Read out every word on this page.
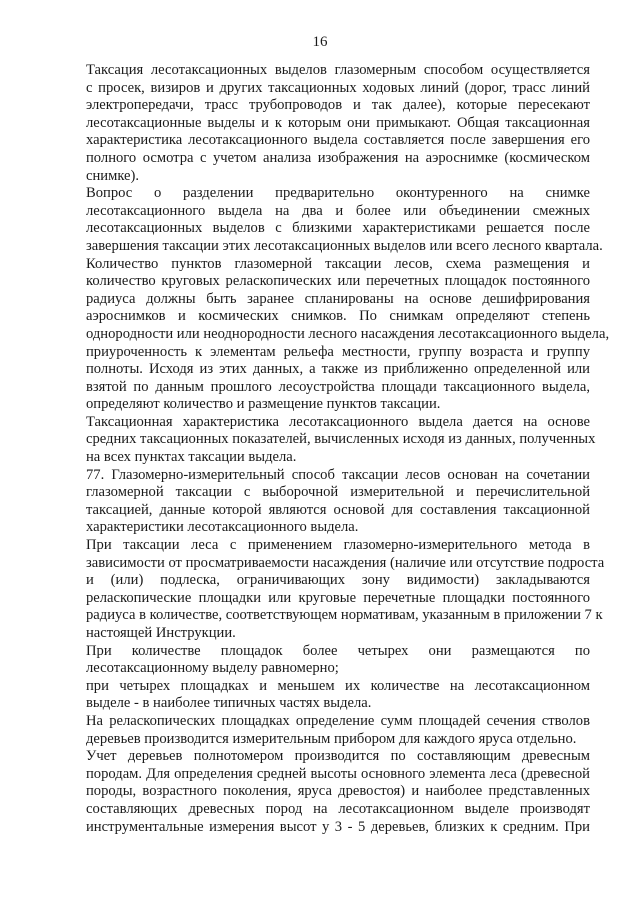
16

Таксация лесотаксационных выделов глазомерным способом осуществляется
с просек, визиров и других таксационных ходовых линий (дорог, трасс линий
электропередачи, трасс трубопроводов и так далее), которые пересекают
лесотаксационные выделы и к которым они примыкают. Общая таксационная
характеристика лесотаксационного выдела составляется после завершения его
полного осмотра с учетом анализа изображения на аэроснимке (космическом
снимке).

Вопрос о разделении предварительно оконтуренного на снимке
лесотаксационного выдела на два и более или объединении смежных
лесотаксационных выделов с близкими характеристиками решается после
завершения таксации этих лесотаксационных выделов или всего лесного квартала.

Количество пунктов глазомерной таксации лесов, схема размещения и
количество круговых реласкопических или перечетных площадок постоянного
радиуса должны быть заранее спланированы на основе дешифрирования
аэроснимков и космических снимков. По снимкам определяют степень
однородности или неоднородности лесного насаждения лесотаксационного выдела,
приуроченность к элементам рельефа местности, группу возраста и группу
полноты. Исходя из этих данных, а также из приближенно определенной или
взятой по данным прошлого лесоустройства площади таксационного выдела,
определяют количество и размещение пунктов таксации.

Таксационная характеристика лесотаксационного выдела дается на основе
средних таксационных показателей, вычисленных исходя из данных, полученных
на всех пунктах таксации выдела.

77. Глазомерно-измерительный способ таксации лесов основан на сочетании
глазомерной таксации с выборочной измерительной и перечислительной
таксацией, данные которой являются основой для составления таксационной
характеристики лесотаксационного выдела.

При таксации леса с применением глазомерно-измерительного метода в
зависимости от просматриваемости насаждения (наличие или отсутствие подроста
и (или) подлеска, ограничивающих зону видимости) закладываются
реласкопические площадки или круговые перечетные площадки постоянного
радиуса в количестве, соответствующем нормативам, указанным в приложении 7 к
настоящей Инструкции.

При количестве площадок более четырех они размещаются по
лесотаксационному выделу равномерно;

при четырех площадках и меньшем их количестве на лесотаксационном
выделе - в наиболее типичных частях выдела.

На реласкопических площадках определение сумм площадей сечения стволов
деревьев производится измерительным прибором для каждого яруса отдельно.

Учет деревьев полнотомером производится по составляющим древесным
породам. Для определения средней высоты основного элемента леса (древесной
породы, возрастного поколения, яруса древостоя) и наиболее представленных
составляющих древесных пород на лесотаксационном выделе производят
инструментальные измерения высот у 3 - 5 деревьев, близких к средним. При
